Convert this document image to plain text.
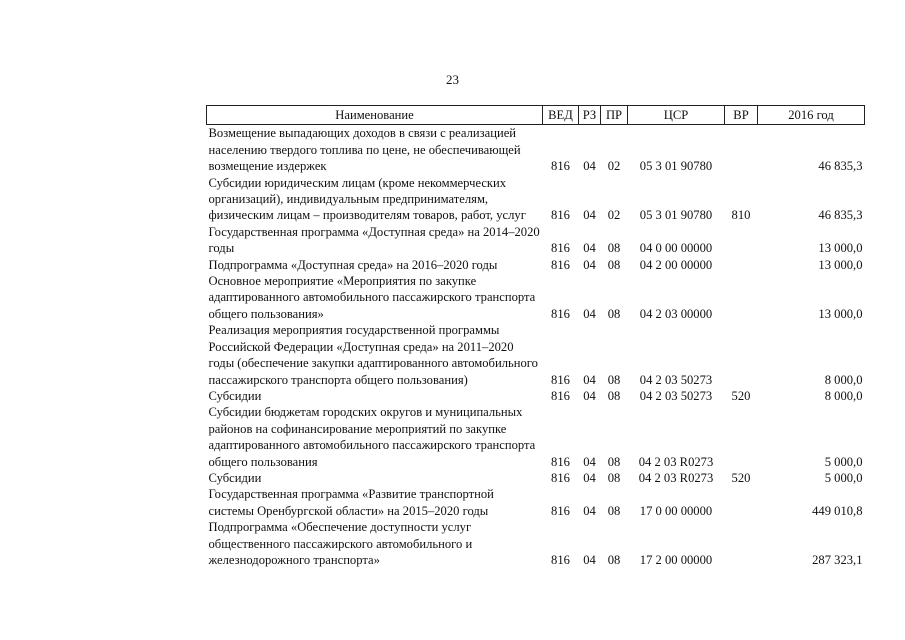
23
Наименование	ВЕД	РЗ	ПР	ЦСР	ВР	2016 год
Возмещение выпадающих доходов в связи с реализацией населению твердого топлива по цене, не обеспечивающей возмещение издержек	816	04	02	05 3 01 90780		46 835,3
Субсидии юридическим лицам (кроме некоммерческих организаций), индивидуальным предпринимателям, физическим лицам – производителям товаров, работ, услуг	816	04	02	05 3 01 90780	810	46 835,3
Государственная программа «Доступная среда» на 2014–2020 годы	816	04	08	04 0 00 00000		13 000,0
Подпрограмма «Доступная среда» на 2016–2020 годы	816	04	08	04 2 00 00000		13 000,0
Основное мероприятие «Мероприятия по закупке адаптированного автомобильного пассажирского транспорта общего пользования»	816	04	08	04 2 03 00000		13 000,0
Реализация мероприятия государственной программы Российской Федерации «Доступная среда» на 2011–2020 годы (обеспечение закупки адаптированного автомобильного пассажирского транспорта общего пользования)	816	04	08	04 2 03 50273		8 000,0
Субсидии	816	04	08	04 2 03 50273	520	8 000,0
Субсидии бюджетам городских округов и муниципальных районов на софинансирование мероприятий по закупке адаптированного автомобильного пассажирского транспорта общего пользования	816	04	08	04 2 03 R0273		5 000,0
Субсидии	816	04	08	04 2 03 R0273	520	5 000,0
Государственная программа «Развитие транспортной системы Оренбургской области» на 2015–2020 годы	816	04	08	17 0 00 00000		449 010,8
Подпрограмма «Обеспечение доступности услуг общественного пассажирского автомобильного и железнодорожного транспорта»	816	04	08	17 2 00 00000		287 323,1
